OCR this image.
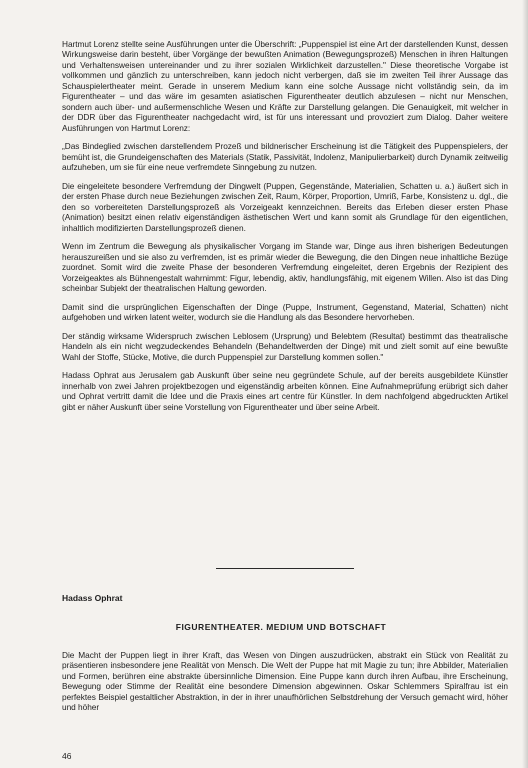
Hartmut Lorenz stellte seine Ausführungen unter die Überschrift: „Puppenspiel ist eine Art der darstellenden Kunst, dessen Wirkungsweise darin besteht, über Vorgänge der bewußten Animation (Bewegungsprozeß) Menschen in ihren Haltungen und Verhaltensweisen untereinander und zu ihrer sozialen Wirklichkeit darzustellen." Diese theoretische Vorgabe ist vollkommen und gänzlich zu unterschreiben, kann jedoch nicht verbergen, daß sie im zweiten Teil ihrer Aussage das Schauspielertheater meint. Gerade in unserem Medium kann eine solche Aussage nicht vollständig sein, da im Figurentheater – und das wäre im gesamten asiatischen Figurentheater deutlich abzulesen – nicht nur Menschen, sondern auch über- und außermenschliche Wesen und Kräfte zur Darstellung gelangen. Die Genauigkeit, mit welcher in der DDR über das Figurentheater nachgedacht wird, ist für uns interessant und provoziert zum Dialog. Daher weitere Ausführungen von Hartmut Lorenz:

„Das Bindeglied zwischen darstellendem Prozeß und bildnerischer Erscheinung ist die Tätigkeit des Puppenspielers, der bemüht ist, die Grundeigenschaften des Materials (Statik, Passivität, Indolenz, Manipulierbarkeit) durch Dynamik zeitweilig aufzuheben, um sie für eine neue verfremdete Sinngebung zu nutzen.

Die eingeleitete besondere Verfremdung der Dingwelt (Puppen, Gegenstände, Materialien, Schatten u. a.) äußert sich in der ersten Phase durch neue Beziehungen zwischen Zeit, Raum, Körper, Proportion, Umriß, Farbe, Konsistenz u. dgl., die den so vorbereiteten Darstellungsprozeß als Vorzeigeakt kennzeichnen. Bereits das Erleben dieser ersten Phase (Animation) besitzt einen relativ eigenständigen ästhetischen Wert und kann somit als Grundlage für den eigentlichen, inhaltlich modifizierten Darstellungsprozeß dienen.

Wenn im Zentrum die Bewegung als physikalischer Vorgang im Stande war, Dinge aus ihren bisherigen Bedeutungen herauszureißen und sie also zu verfremden, ist es primär wieder die Bewegung, die den Dingen neue inhaltliche Bezüge zuordnet. Somit wird die zweite Phase der besonderen Verfremdung eingeleitet, deren Ergebnis der Rezipient des Vorzeigeaktes als Bühnengestalt wahrnimmt: Figur, lebendig, aktiv, handlungsfähig, mit eigenem Willen. Also ist das Ding scheinbar Subjekt der theatralischen Haltung geworden.

Damit sind die ursprünglichen Eigenschaften der Dinge (Puppe, Instrument, Gegenstand, Material, Schatten) nicht aufgehoben und wirken latent weiter, wodurch sie die Handlung als das Besondere hervorheben.

Der ständig wirksame Widerspruch zwischen Leblosem (Ursprung) und Belebtem (Resultat) bestimmt das theatralische Handeln als ein nicht wegzudeckendes Behandeln (Behandeltwerden der Dinge) mit und zielt somit auf eine bewußte Wahl der Stoffe, Stücke, Motive, die durch Puppenspiel zur Darstellung kommen sollen."

Hadass Ophrat aus Jerusalem gab Auskunft über seine neu gegründete Schule, auf der bereits ausgebildete Künstler innerhalb von zwei Jahren projektbezogen und eigenständig arbeiten können. Eine Aufnahmeprüfung erübrigt sich daher und Ophrat vertritt damit die Idee und die Praxis eines art centre für Künstler. In dem nachfolgend abgedruckten Artikel gibt er näher Auskunft über seine Vorstellung von Figurentheater und über seine Arbeit.

Hadass Ophrat
FIGURENTHEATER. MEDIUM UND BOTSCHAFT

Die Macht der Puppen liegt in ihrer Kraft, das Wesen von Dingen auszudrücken, abstrakt ein Stück von Realität zu präsentieren insbesondere jene Realität von Mensch. Die Welt der Puppe hat mit Magie zu tun; ihre Abbilder, Materialien und Formen, berühren eine abstrakte übersinnliche Dimension. Eine Puppe kann durch ihren Aufbau, ihre Erscheinung, Bewegung oder Stimme der Realität eine besondere Dimension abgewinnen. Oskar Schlemmers Spiralfrau ist ein perfektes Beispiel gestaltlicher Abstraktion, in der in ihrer unaufhörlichen Selbstdrehung der Versuch gemacht wird, höher und höher

46
